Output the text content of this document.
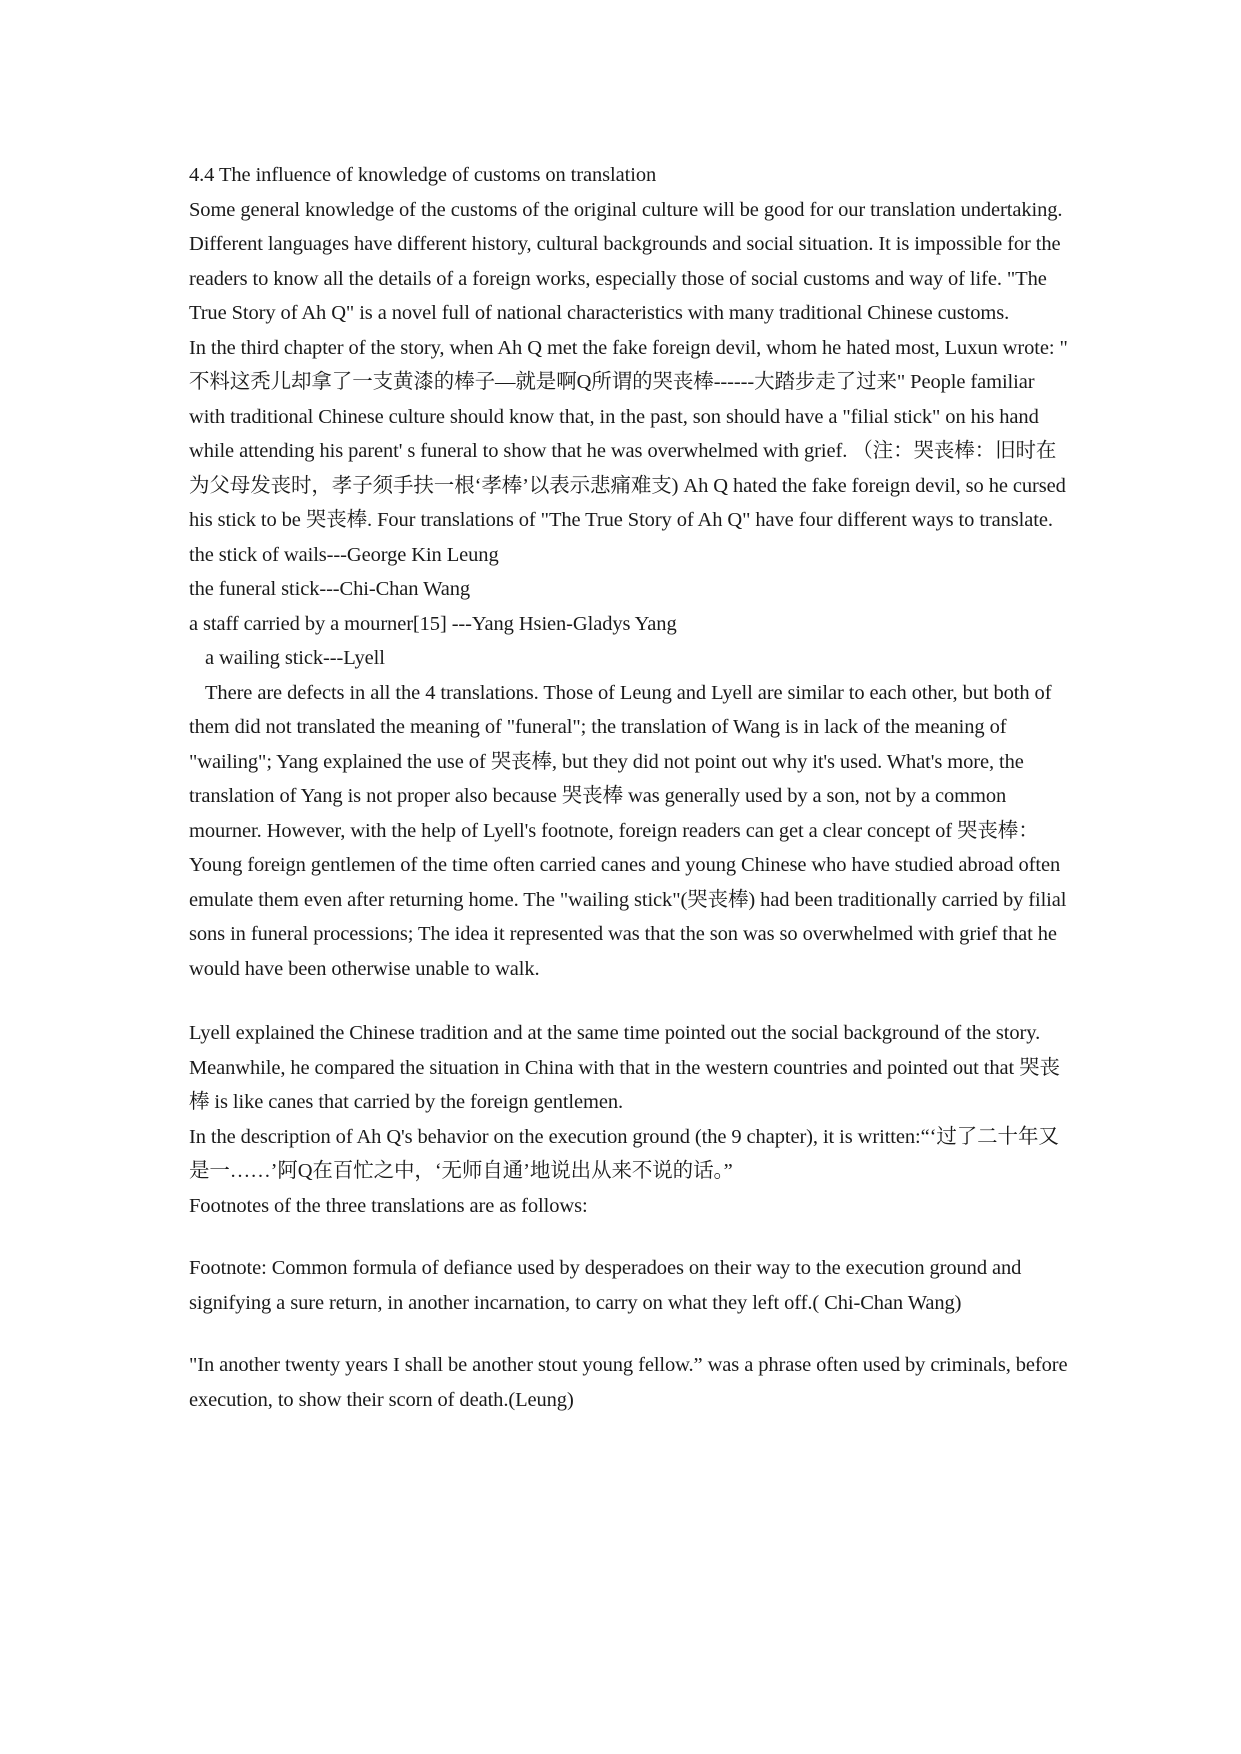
4.4 The influence of knowledge of customs on translation

Some general knowledge of the customs of the original culture will be good for our translation undertaking. Different languages have different history, cultural backgrounds and social situation. It is impossible for the readers to know all the details of a foreign works, especially those of social customs and way of life. "The True Story of Ah Q" is a novel full of national characteristics with many traditional Chinese customs.

In the third chapter of the story, when Ah Q met the fake foreign devil, whom he hated most, Luxun wrote: " 不料这秃儿却拿了一支黄漆的棒子—就是啊Q所谓的哭丧棒------大踏步走了过来" People familiar with traditional Chinese culture should know that, in the past, son should have a "filial stick" on his hand while attending his parent' s funeral to show that he was overwhelmed with grief. （注：哭丧棒：旧时在为父母发丧时，孝子须手扶一根‘孝棒’以表示悲痛难支) Ah Q hated the fake foreign devil, so he cursed his stick to be 哭丧棒. Four translations of "The True Story of Ah Q" have four different ways to translate.

the stick of wails---George Kin Leung

the funeral stick---Chi-Chan Wang

a staff carried by a mourner[15] ---Yang Hsien-Gladys Yang

a wailing stick---Lyell

There are defects in all the 4 translations. Those of Leung and Lyell are similar to each other, but both of them did not translated the meaning of "funeral"; the translation of Wang is in lack of the meaning of "wailing"; Yang explained the use of 哭丧棒, but they did not point out why it's used. What's more, the translation of Yang is not proper also because 哭丧棒 was generally used by a son, not by a common mourner. However, with the help of Lyell's footnote, foreign readers can get a clear concept of 哭丧棒：

Young foreign gentlemen of the time often carried canes and young Chinese who have studied abroad often emulate them even after returning home. The "wailing stick"(哭丧棒) had been traditionally carried by filial sons in funeral processions; The idea it represented was that the son was so overwhelmed with grief that he would have been otherwise unable to walk.

Lyell explained the Chinese tradition and at the same time pointed out the social background of the story. Meanwhile, he compared the situation in China with that in the western countries and pointed out that 哭丧棒 is like canes that carried by the foreign gentlemen.

In the description of Ah Q's behavior on the execution ground (the 9 chapter), it is written:“‘过了二十年又是一……’阿Q在百忙之中，‘无师自通’地说出从来不说的话。”

Footnotes of the three translations are as follows:

Footnote: Common formula of defiance used by desperadoes on their way to the execution ground and signifying a sure return, in another incarnation, to carry on what they left off.( Chi-Chan Wang)

"In another twenty years I shall be another stout young fellow.” was a phrase often used by criminals, before execution, to show their scorn of death.(Leung)
